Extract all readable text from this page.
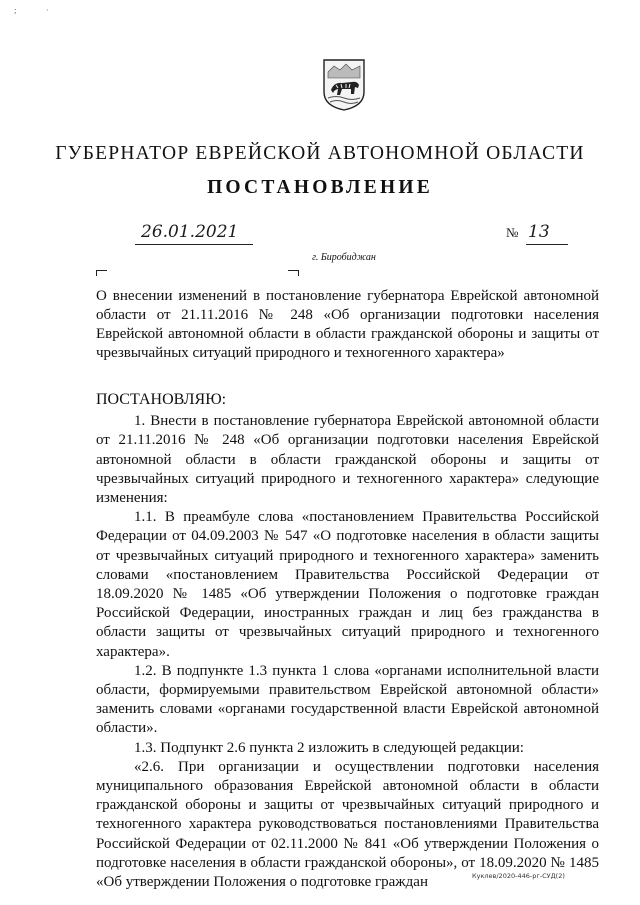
;	·
ГУБЕРНАТОР ЕВРЕЙСКОЙ АВТОНОМНОЙ ОБЛАСТИ
ПОСТАНОВЛЕНИЕ
26.01.2021	№ 13
г. Биробиджан
О внесении изменений в постановление губернатора Еврейской автономной области от 21.11.2016 № 248 «Об организации подготовки населения Еврейской автономной области в области гражданской обороны и защиты от чрезвычайных ситуаций природного и техногенного характера»

ПОСТАНОВЛЯЮ:

1. Внести в постановление губернатора Еврейской автономной области от 21.11.2016 № 248 «Об организации подготовки населения Еврейской автономной области в области гражданской обороны и защиты от чрезвычайных ситуаций природного и техногенного характера» следующие изменения:

1.1. В преамбуле слова «постановлением Правительства Российской Федерации от 04.09.2003 № 547 «О подготовке населения в области защиты от чрезвычайных ситуаций природного и техногенного характера» заменить словами «постановлением Правительства Российской Федерации от 18.09.2020 № 1485 «Об утверждении Положения о подготовке граждан Российской Федерации, иностранных граждан и лиц без гражданства в области защиты от чрезвычайных ситуаций природного и техногенного характера».

1.2. В подпункте 1.3 пункта 1 слова «органами исполнительной власти области, формируемыми правительством Еврейской автономной области» заменить словами «органами государственной власти Еврейской автономной области».

1.3. Подпункт 2.6 пункта 2 изложить в следующей редакции:

«2.6. При организации и осуществлении подготовки населения муниципального образования Еврейской автономной области в области гражданской обороны и защиты от чрезвычайных ситуаций природного и техногенного характера руководствоваться постановлениями Правительства Российской Федерации от 02.11.2000 № 841 «Об утверждении Положения о подготовке населения в области гражданской обороны», от 18.09.2020 № 1485 «Об утверждении Положения о подготовке граждан	Куклев/2020-446-рг-СУД(2)
